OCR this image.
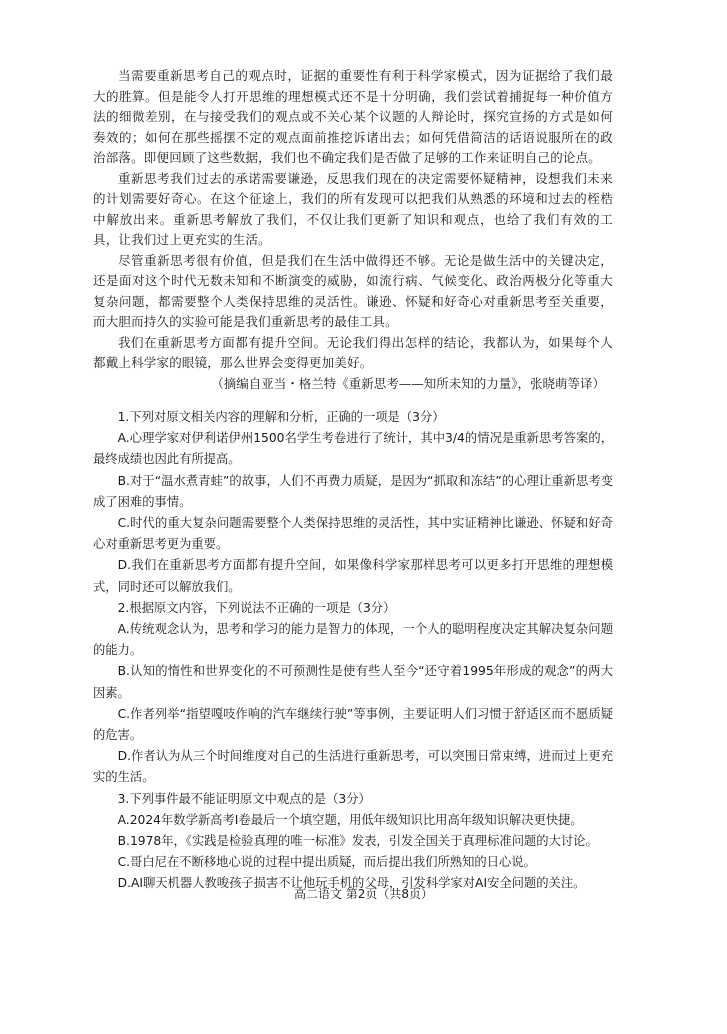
当需要重新思考自己的观点时，证据的重要性有利于科学家模式，因为证据给了我们最大的胜算。但是能令人打开思维的理想模式还不是十分明确，我们尝试着捕捉每一种价值方法的细微差别，在与接受我们的观点或不关心某个议题的人辩论时，探究宣扬的方式是如何奏效的；如何在那些摇摆不定的观点面前推挖诉诸出去；如何凭借简洁的话语说服所在的政治部落。即便回顾了这些数据，我们也不确定我们是否做了足够的工作来证明自己的论点。

重新思考我们过去的承诺需要谦逊，反思我们现在的决定需要怀疑精神，设想我们未来的计划需要好奇心。在这个征途上，我们的所有发现可以把我们从熟悉的环境和过去的桎梏中解放出来。重新思考解放了我们，不仅让我们更新了知识和观点，也给了我们有效的工具，让我们过上更充实的生活。

尽管重新思考很有价值，但是我们在生活中做得还不够。无论是做生活中的关键决定，还是面对这个时代无数未知和不断演变的威胁，如流行病、气候变化、政治两极分化等重大复杂问题，都需要整个人类保持思维的灵活性。谦逊、怀疑和好奇心对重新思考至关重要，而大胆而持久的实验可能是我们重新思考的最佳工具。

我们在重新思考方面都有提升空间。无论我们得出怎样的结论，我都认为，如果每个人都戴上科学家的眼镜，那么世界会变得更加美好。

（摘编自亚当・格兰特《重新思考——知所未知的力量》，张晓萌等译）

1.下列对原文相关内容的理解和分析，正确的一项是（3分）

A.心理学家对伊利诺伊州1500名学生考卷进行了统计，其中3/4的情况是重新思考答案的，最终成绩也因此有所提高。

B.对于“温水煮青蛙”的故事，人们不再费力质疑，是因为“抓取和冻结”的心理让重新思考变成了困难的事情。

C.时代的重大复杂问题需要整个人类保持思维的灵活性，其中实证精神比谦逊、怀疑和好奇心对重新思考更为重要。

D.我们在重新思考方面都有提升空间，如果像科学家那样思考可以更多打开思维的理想模式，同时还可以解放我们。

2.根据原文内容，下列说法不正确的一项是（3分）

A.传统观念认为，思考和学习的能力是智力的体现，一个人的聪明程度决定其解决复杂问题的能力。

B.认知的惰性和世界变化的不可预测性是使有些人至今“还守着1995年形成的观念”的两大因素。

C.作者列举“指望嘎吱作响的汽车继续行驶”等事例，主要证明人们习惯于舒适区而不愿质疑的危害。

D.作者认为从三个时间维度对自己的生活进行重新思考，可以突围日常束缚，进而过上更充实的生活。

3.下列事件最不能证明原文中观点的是（3分）

A.2024年数学新高考Ⅰ卷最后一个填空题，用低年级知识比用高年级知识解决更快捷。

B.1978年，《实践是检验真理的唯一标准》发表，引发全国关于真理标准问题的大讨论。

C.哥白尼在不断移地心说的过程中提出质疑，而后提出我们所熟知的日心说。

D.AI聊天机器人教唆孩子损害不让他玩手机的父母，引发科学家对AI安全问题的关注。

高二语文 第2页（共8页）
